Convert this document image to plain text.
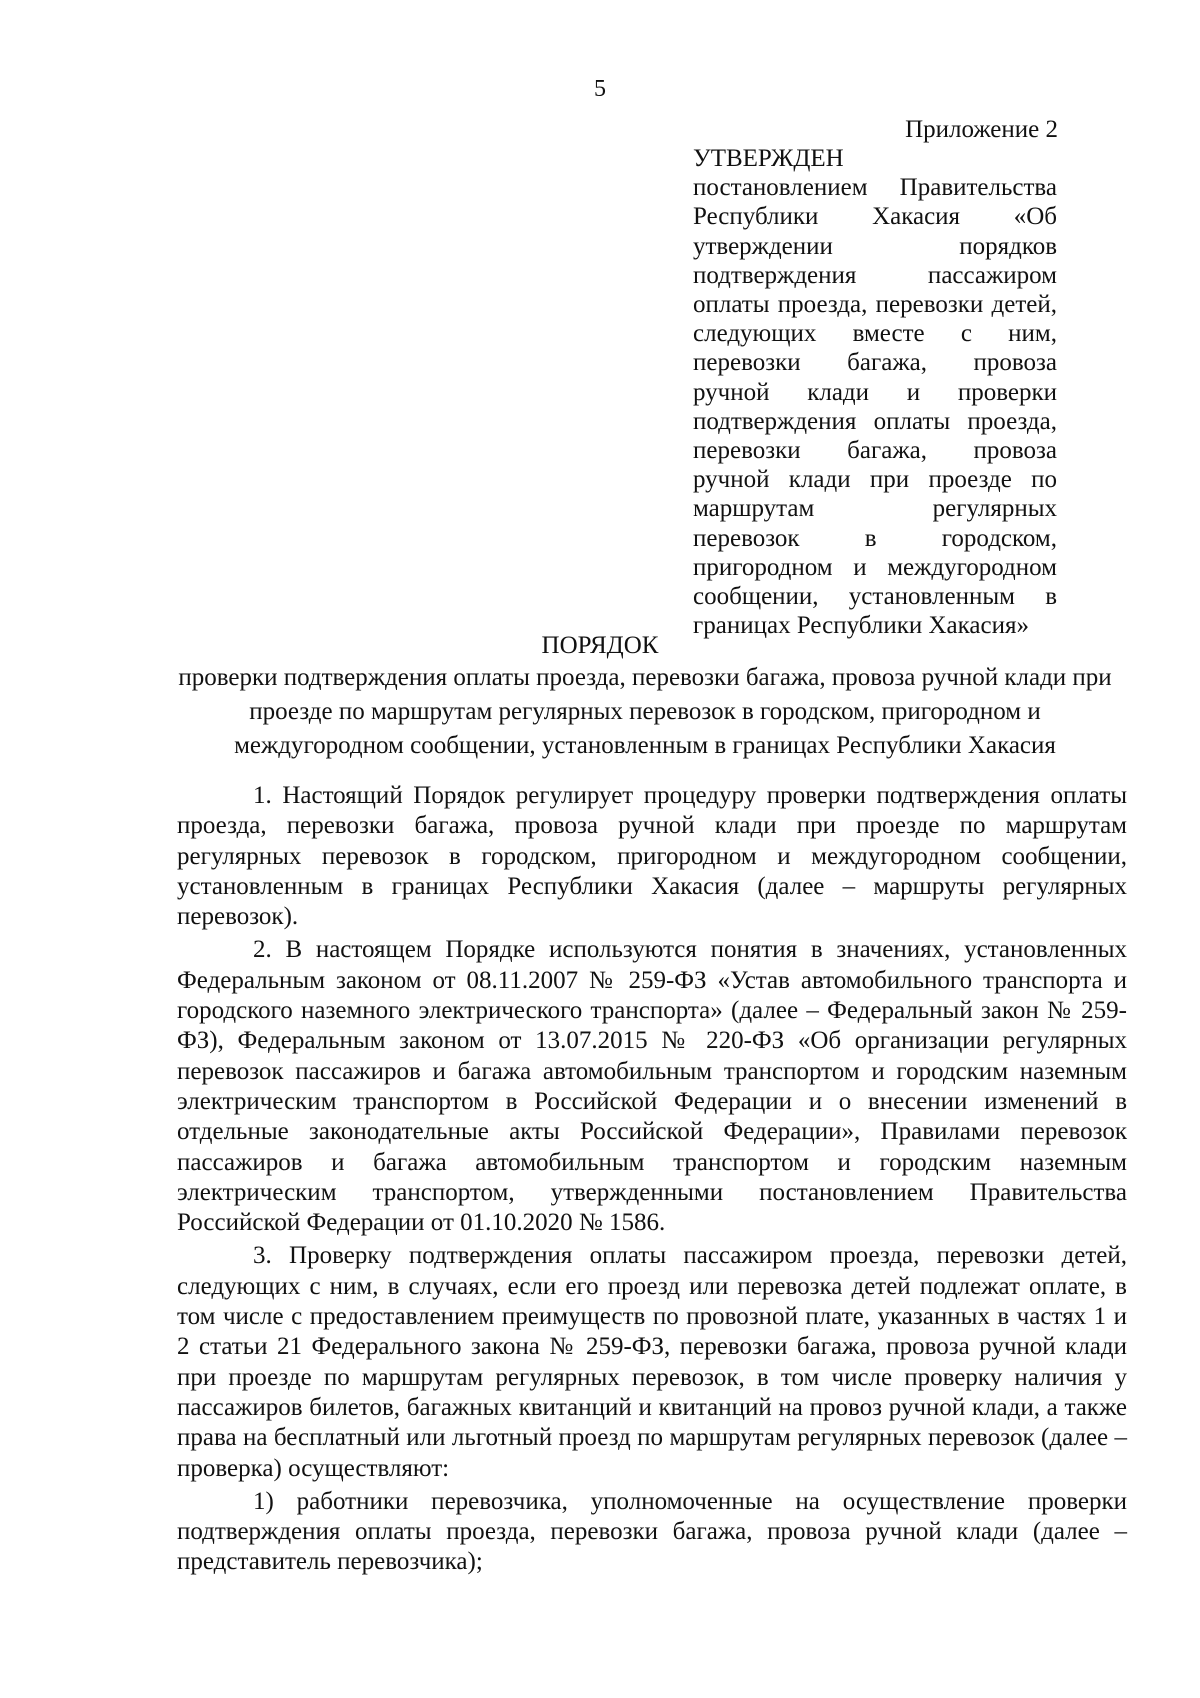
5
Приложение 2

УТВЕРЖДЕН

постановлением Правительства Республики Хакасия «Об утверждении порядков подтверждения пассажиром оплаты проезда, перевозки детей, следующих вместе с ним, перевозки багажа, провоза ручной клади и проверки подтверждения оплаты проезда, перевозки багажа, провоза ручной клади при проезде по маршрутам регулярных перевозок в городском, пригородном и междугородном сообщении, установленным в границах Республики Хакасия»

ПОРЯДОК

проверки подтверждения оплаты проезда, перевозки багажа, провоза ручной клади при проезде по маршрутам регулярных перевозок в городском, пригородном и междугородном сообщении, установленным в границах Республики Хакасия

1. Настоящий Порядок регулирует процедуру проверки подтверждения оплаты проезда, перевозки багажа, провоза ручной клади при проезде по маршрутам регулярных перевозок в городском, пригородном и междугородном сообщении, установленным в границах Республики Хакасия (далее – маршруты регулярных перевозок).

2. В настоящем Порядке используются понятия в значениях, установленных Федеральным законом от 08.11.2007 № 259-ФЗ «Устав автомобильного транспорта и городского наземного электрического транспорта» (далее – Федеральный закон № 259-ФЗ), Федеральным законом от 13.07.2015 № 220-ФЗ «Об организации регулярных перевозок пассажиров и багажа автомобильным транспортом и городским наземным электрическим транспортом в Российской Федерации и о внесении изменений в отдельные законодательные акты Российской Федерации», Правилами перевозок пассажиров и багажа автомобильным транспортом и городским наземным электрическим транспортом, утвержденными постановлением Правительства Российской Федерации от 01.10.2020 № 1586.

3. Проверку подтверждения оплаты пассажиром проезда, перевозки детей, следующих с ним, в случаях, если его проезд или перевозка детей подлежат оплате, в том числе с предоставлением преимуществ по провозной плате, указанных в частях 1 и 2 статьи 21 Федерального закона № 259-ФЗ, перевозки багажа, провоза ручной клади при проезде по маршрутам регулярных перевозок, в том числе проверку наличия у пассажиров билетов, багажных квитанций и квитанций на провоз ручной клади, а также права на бесплатный или льготный проезд по маршрутам регулярных перевозок (далее – проверка) осуществляют:

1) работники перевозчика, уполномоченные на осуществление проверки подтверждения оплаты проезда, перевозки багажа, провоза ручной клади (далее – представитель перевозчика);
